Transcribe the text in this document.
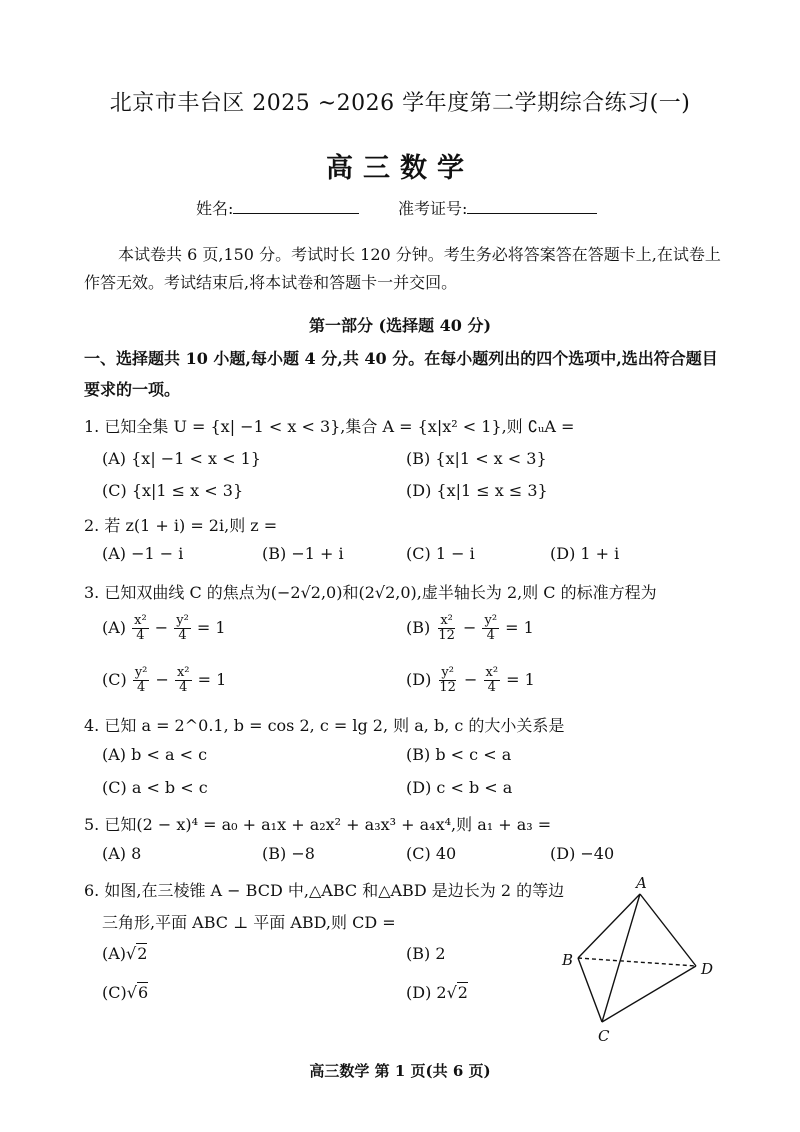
北京市丰台区 2025 ~2026 学年度第二学期综合练习(一)
高三数学
姓名:	准考证号:
本试卷共 6 页,150 分。考试时长 120 分钟。考生务必将答案答在答题卡上,在试卷上作答无效。考试结束后,将本试卷和答题卡一并交回。
第一部分 (选择题 40 分)
一、选择题共 10 小题,每小题 4 分,共 40 分。在每小题列出的四个选项中,选出符合题目要求的一项。
1. 已知全集 U = {x| −1 < x < 3},集合 A = {x|x² < 1},则 ∁ᵤA =
(A) {x| −1 < x < 1}	(B) {x|1 < x < 3}
(C) {x|1 ≤ x < 3}	(D) {x|1 ≤ x ≤ 3}
2. 若 z(1 + i) = 2i,则 z =
(A) −1 − i	(B) −1 + i	(C) 1 − i	(D) 1 + i
3. 已知双曲线 C 的焦点为(−2√2,0)和(2√2,0),虚半轴长为 2,则 C 的标准方程为
$(A) \frac{\text{x²}}{4} - \frac{\text{y²}}{4} = 1$	$(B) \frac{\text{x²}}{12} - \frac{\text{y²}}{4} = 1$
$(C) \frac{\text{y²}}{4} - \frac{\text{x²}}{4} = 1$	$(D) \frac{\text{y²}}{12} - \frac{\text{x²}}{4} = 1$
4. 已知 a = 2^0.1, b = cos 2, c = lg 2, 则 a, b, c 的大小关系是
(A) b < a < c	(B) b < c < a
(C) a < b < c	(D) c < b < a
5. 已知(2 − x)⁴ = a₀ + a₁x + a₂x² + a₃x³ + a₄x⁴,则 a₁ + a₃ =
(A) 8	(B) −8	(C) 40	(D) −40
6. 如图,在三棱锥 A − BCD 中,△ABC 和△ABD 是边长为 2 的等边
三角形,平面 ABC ⊥ 平面 ABD,则 CD =
(A)√2	(B) 2
(C)√6	(D) 2√2
A
B
C
D
高三数学 第 1 页(共 6 页)
